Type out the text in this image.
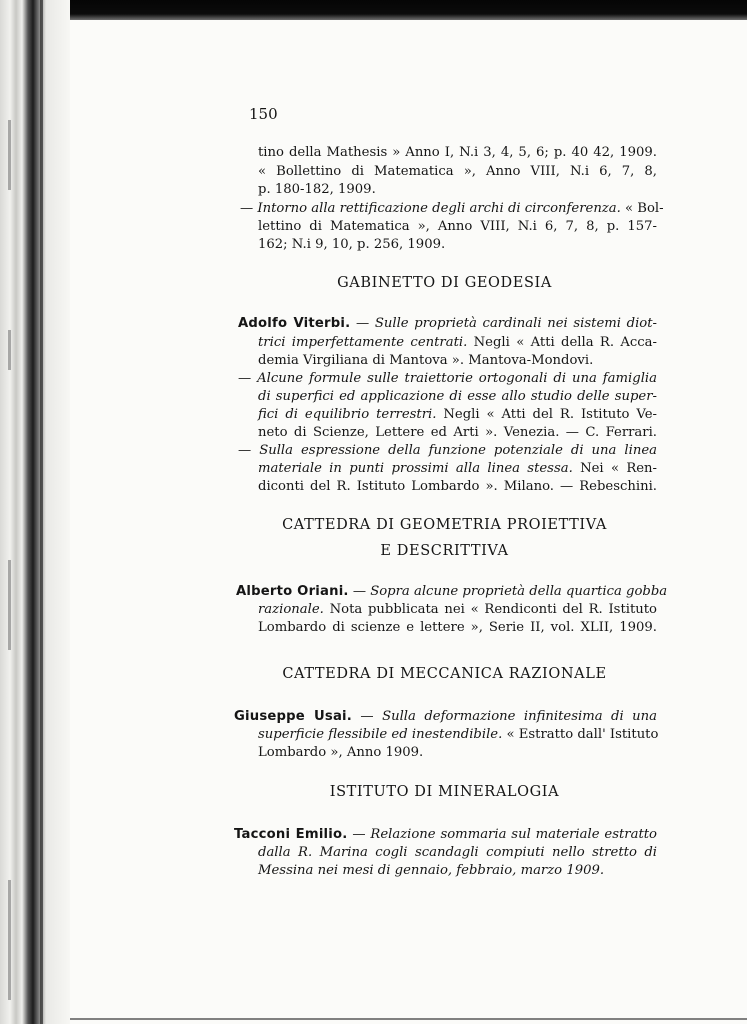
150
tino della Mathesis » Anno I, N.i 3, 4, 5, 6; p. 40 42, 1909.
« Bollettino di Matematica », Anno VIII, N.i 6, 7, 8,
p. 180-182, 1909.
— Intorno alla rettificazione degli archi di circonferenza. « Bol-
lettino di Matematica », Anno VIII, N.i 6, 7, 8, p. 157-
162; N.i 9, 10, p. 256, 1909.
GABINETTO DI GEODESIA
Adolfo Viterbi. — Sulle proprietà cardinali nei sistemi diot-
trici imperfettamente centrati. Negli « Atti della R. Acca-
demia Virgiliana di Mantova ». Mantova-Mondovi.
— Alcune formule sulle traiettorie ortogonali di una famiglia
di superfici ed applicazione di esse allo studio delle super-
fici di equilibrio terrestri. Negli « Atti del R. Istituto Ve-
neto di Scienze, Lettere ed Arti ». Venezia. — C. Ferrari.
— Sulla espressione della funzione potenziale di una linea
materiale in punti prossimi alla linea stessa. Nei « Ren-
diconti del R. Istituto Lombardo ». Milano. — Rebeschini.
CATTEDRA DI GEOMETRIA PROIETTIVA
E DESCRITTIVA
Alberto Oriani. — Sopra alcune proprietà della quartica gobba
razionale. Nota pubblicata nei « Rendiconti del R. Istituto
Lombardo di scienze e lettere », Serie II, vol. XLII, 1909.
CATTEDRA DI MECCANICA RAZIONALE
Giuseppe Usai. — Sulla deformazione infinitesima di una
superficie flessibile ed inestendibile. « Estratto dall' Istituto
Lombardo », Anno 1909.
ISTITUTO DI MINERALOGIA
Tacconi Emilio. — Relazione sommaria sul materiale estratto
dalla R. Marina cogli scandagli compiuti nello stretto di
Messina nei mesi di gennaio, febbraio, marzo 1909.
